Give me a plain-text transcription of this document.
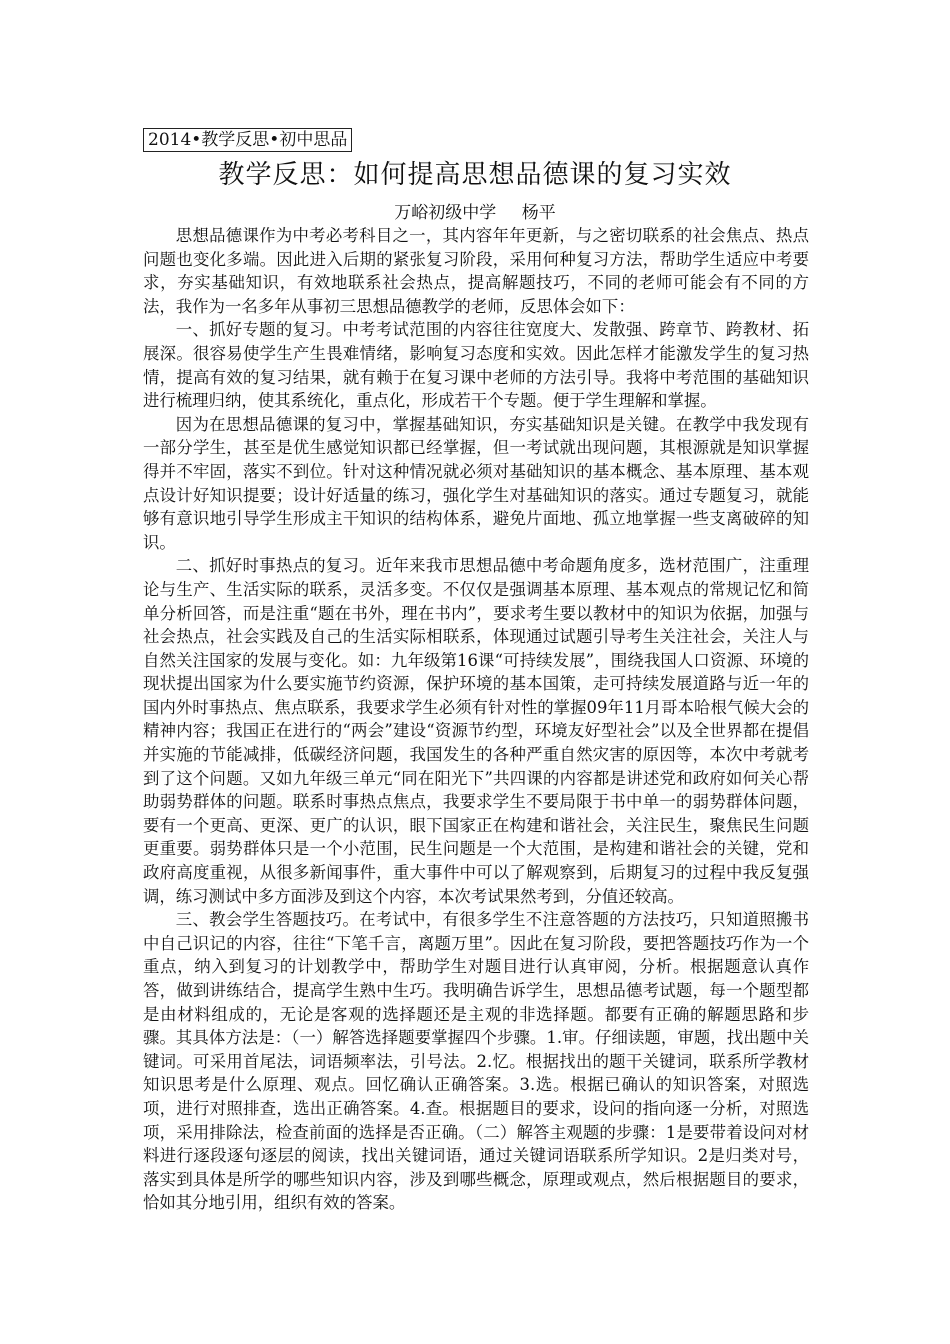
2014•教学反思•初中思品
教学反思：如何提高思想品德课的复习实效
万峪初级中学 杨平

思想品德课作为中考必考科目之一，其内容年年更新，与之密切联系的社会焦点、热点问题也变化多端。因此进入后期的紧张复习阶段，采用何种复习方法，帮助学生适应中考要求，夯实基础知识，有效地联系社会热点，提高解题技巧，不同的老师可能会有不同的方法，我作为一名多年从事初三思想品德教学的老师，反思体会如下：

一、抓好专题的复习。中考考试范围的内容往往宽度大、发散强、跨章节、跨教材、拓展深。很容易使学生产生畏难情绪，影响复习态度和实效。因此怎样才能激发学生的复习热情，提高有效的复习结果，就有赖于在复习课中老师的方法引导。我将中考范围的基础知识进行梳理归纳，使其系统化，重点化，形成若干个专题。便于学生理解和掌握。

因为在思想品德课的复习中，掌握基础知识，夯实基础知识是关键。在教学中我发现有一部分学生，甚至是优生感觉知识都已经掌握，但一考试就出现问题，其根源就是知识掌握得并不牢固，落实不到位。针对这种情况就必须对基础知识的基本概念、基本原理、基本观点设计好知识提要；设计好适量的练习，强化学生对基础知识的落实。通过专题复习，就能够有意识地引导学生形成主干知识的结构体系，避免片面地、孤立地掌握一些支离破碎的知识。

二、抓好时事热点的复习。近年来我市思想品德中考命题角度多，选材范围广，注重理论与生产、生活实际的联系，灵活多变。不仅仅是强调基本原理、基本观点的常规记忆和简单分析回答，而是注重“题在书外，理在书内”，要求考生要以教材中的知识为依据，加强与社会热点，社会实践及自己的生活实际相联系，体现通过试题引导考生关注社会，关注人与自然关注国家的发展与变化。如：九年级第16课“可持续发展”，围绕我国人口资源、环境的现状提出国家为什么要实施节约资源，保护环境的基本国策，走可持续发展道路与近一年的国内外时事热点、焦点联系，我要求学生必须有针对性的掌握09年11月哥本哈根气候大会的精神内容；我国正在进行的“两会”建设“资源节约型，环境友好型社会”以及全世界都在提倡并实施的节能减排，低碳经济问题，我国发生的各种严重自然灾害的原因等，本次中考就考到了这个问题。又如九年级三单元“同在阳光下”共四课的内容都是讲述党和政府如何关心帮助弱势群体的问题。联系时事热点焦点，我要求学生不要局限于书中单一的弱势群体问题，要有一个更高、更深、更广的认识，眼下国家正在构建和谐社会，关注民生，聚焦民生问题更重要。弱势群体只是一个小范围，民生问题是一个大范围，是构建和谐社会的关键，党和政府高度重视，从很多新闻事件，重大事件中可以了解观察到，后期复习的过程中我反复强调，练习测试中多方面涉及到这个内容，本次考试果然考到，分值还较高。

三、教会学生答题技巧。在考试中，有很多学生不注意答题的方法技巧，只知道照搬书中自己识记的内容，往往“下笔千言，离题万里”。因此在复习阶段，要把答题技巧作为一个重点，纳入到复习的计划教学中，帮助学生对题目进行认真审阅，分析。根据题意认真作答，做到讲练结合，提高学生熟中生巧。我明确告诉学生，思想品德考试题，每一个题型都是由材料组成的，无论是客观的选择题还是主观的非选择题。都要有正确的解题思路和步骤。其具体方法是：（一）解答选择题要掌握四个步骤。1.审。仔细读题，审题，找出题中关键词。可采用首尾法，词语频率法，引号法。2.忆。根据找出的题干关键词，联系所学教材知识思考是什么原理、观点。回忆确认正确答案。3.选。根据已确认的知识答案，对照选项，进行对照排查，选出正确答案。4.查。根据题目的要求，设问的指向逐一分析，对照选项，采用排除法，检查前面的选择是否正确。（二）解答主观题的步骤：1是要带着设问对材料进行逐段逐句逐层的阅读，找出关键词语，通过关键词语联系所学知识。2是归类对号，落实到具体是所学的哪些知识内容，涉及到哪些概念，原理或观点，然后根据题目的要求，恰如其分地引用，组织有效的答案。
